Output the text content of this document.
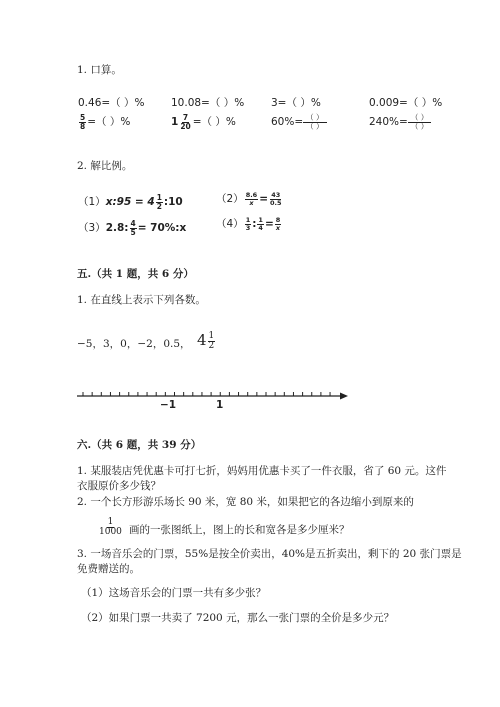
1. 口算。
0.46=（ ）%	10.08=（ ）%	3=（ ）%	0.009=（ ）%
$\frac{5}{8}$ =（ ）%	$1 \frac{7}{20}$ =（ ）%	$60\%= \frac{( )}{( )}$	$240\%= \frac{( )}{( )}$
2. 解比例。
（1）x:95 = $4 \frac{1}{2}$ :10	$(2) \frac{8.6}{x} = \frac{43}{0.5}$
（3）2.8: $\frac{4}{5}$ = 70%:x	$(4) \frac{1}{3}$ : $\frac{1}{4} = \frac{8}{x}$
五.（共 1 题，共 6 分）
1. 在直线上表示下列各数。
−5，3，0，−2，0.5， $4 \frac{1}{2}$
−1	1
六.（共 6 题，共 39 分）
1. 某服装店凭优惠卡可打七折，妈妈用优惠卡买了一件衣服，省了 60 元。这件
衣服原价多少钱？
2. 一个长方形游乐场长 90 米，宽 80 米，如果把它的各边缩小到原来的
$\frac{1}{1000}$ 画的一张图纸上，图上的长和宽各是多少厘米？
3. 一场音乐会的门票，55%是按全价卖出，40%是五折卖出，剩下的 20 张门票是
免费赠送的。
（1）这场音乐会的门票一共有多少张？
（2）如果门票一共卖了 7200 元，那么一张门票的全价是多少元？
